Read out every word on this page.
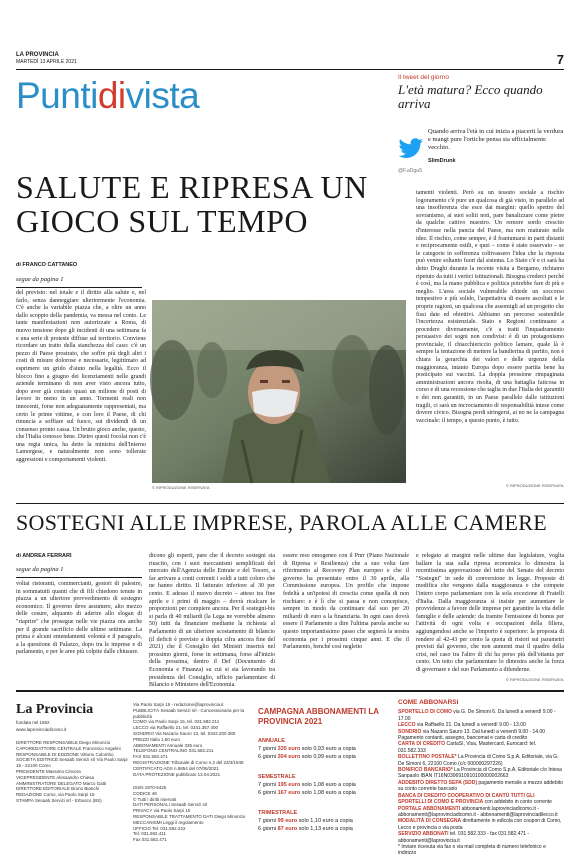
LA PROVINCIA
MARTEDÌ 13 APRILE 2021	7
Puntidivista	Il tweet del giorno
L'età matura? Ecco quando arriva
Quando arriva l'età in cui inizia a piacerti la verdura e mangi pure l'ortiche pensa sia ufficialmente vecchio.
SlimDrunk
@F.aDgaS
SALUTE E RIPRESA UN GIOCO SUL TEMPO
di FRANCO CATTANEO
segue da pagina 1
© RIPRODUZIONE RISERVATA
del previsto: nel totale e il diritto alla salute e, nel farlo, senza danneggiare ulteriormente l'economia. C'è anche la variabile piazza che, a oltre un anno dallo scoppio della pandemia, va messa nel conto. Le tante manifestazioni non autorizzate a Roma, di nuovo tensione dopo gli incidenti di una settimana fa e una serie di proteste diffuse sul territorio. Conviene ricordare un tratto della stanchezza del caso: c'è un pezzo di Paese prostrato, che soffre più degli altri i costi di misure dolorose e necessarie, legittimato ad esprimere un grido d'aiuto nella legalità. Ecco il blocco fino a giugno dei licenziamenti nelle grandi aziende terminano di non aver visto ancora tutto, dopo aver già contato quasi un milione di posti di lavoro in meno in un anno. Tormenti reali non innocenti, forse non adeguatamente rappresentati, ma certo le prime vittime, e con loro il Paese, di chi rinuncia a soffiare sul fuoco, sui dividendi di un consenso pronto cassa. Un brutto gioco anche, questo, che l'Italia conosce bene. Dietro questi focolai non c'è una regia unica, ha detto la ministra dell'Interno Lamorgese, e naturalmente non sono tollerate aggressioni e comportamenti violenti.
tamenti violenti. Però su un tessuto sociale a rischio logoramento c'è pure un qualcosa di già visto, in parallelo ad una insofferenza che esce dai margini: quello spettro del sovranismo, ai suoi soliti noti, pare banalizzare come pietre da qualche cattivo maestro. Un remore sordo crescito d'interesse nella pancia del Paese, ma non maturato nelle idee. Il rischio, come sempre, è il frantumarsi in parti distanti e reciprocamente ostili, e quei – come è stato osservato – se le categorie in sofferenza coltivassero l'idea che la risposta può venire soltanto fuori dal sistema. Lo Stato c'è e ci sarà ha detto Draghi durante la recente visita a Bergamo, richiamo ripetuto da tutti i vertici istituzionali. Bisogna crederci perché è così, ma la mano pubblica e politica potrebbe fare di più e meglio. L'area sociale vulnerabile chiede un soccorso tempestivo e più solido, l'aspettativa di essere ascoltati e le proprie ragioni, un qualcosa che assomigli ad un progetto che fissi date ed obiettivi. Abbiamo un percorso sostenibile l'incertezza esistenziale. Stato e Regioni continuano a procedere diversamente, c'è a tratti l'inquadramento persuasivo dei sogni non condivisi: è di un protagonismo provinciale, il chiacchiericcio politico lamare, quale là è sempre la tentazione di mettere la bandierina di partito, non è chiara la gerarchia dei valori e delle urgenze della maggioranza, intanto Europa dopo essere partita bene ha posticipato sui vaccini. La doppia pressione rimpaginata amministrazioni ancora risolta, di una battaglia faticosa in corso e di una recessione che taglia in due l'Italia dei garantiti e dei non garantiti, in un Paese parallelo dalle istituzioni tragili, ci sarà un incrociamento di responsabilità intese come dovere civico. Bisogna perdi stringersi, ai no ne la campagna vaccinale: il tempo, a questo punto, è tutto.
© RIPRODUZIONE RISERVATA
SOSTEGNI ALLE IMPRESE, PAROLA ALLE CAMERE
di ANDREA FERRARI
segue da pagina 1
voltai ristoranti, commercianti, gestori di palestre, in sommatutti quanti che di fili chiedono tenute in piazza a un ulteriore provvedimento di sostegno economico. Il governo deve assumere, alto mezzo delle cesure, alquanto di aderire allo slogan di "riaprire" che prosegue nelle vie piazza ora anche per il grande sacrificio delle ultime settimane. La prima è alcuni emendamenti volontà e il paragrafo, a la questione di Palazzo, dopo tra le imprese e di parlamento, e per le aree più colpite dalle chiusure.
dicono gli esperti, pare che il decreto sostegni sia riuscito, con i suoi meccanismi semplificati del mercato dell'Agenzia delle Entrate e del Tesoro, a far arrivare a conti correnti i soldi a tutti coloro che ne hanno diritto. Il fatturato inferiore al 30 per cento. E adesso il nuovo decreto – atteso tra fine aprile e i primi di maggio – dovrà ricalcare le proporzioni per compiere ancora. Per il sostegni-bis si parla di 40 miliardi (la Lega ne vorrebbe almeno 50) tutti da finanziare mediante la richiesta al Parlamento di un ulteriore scostamento di bilancio (il deficit è previsto a doppia cifra ancora fine del 2021) che il Consiglio dei Ministri inserirà nel prossimo giorni, forse in settimana, forse all'inizio della prossima, dentro il Def (Documento di Economia e Finanza) su cui si sta lavorando tra presidenza del Consiglio, ufficio parlamentare di Bilancio e Ministero dell'Economia.
essere reso omogeneo con il Pnrr (Piano Nazionale di Ripresa e Resilienza) che a suo volta fare riferimento al Recovery Plan europeo e che il governo ha presentato entro il 30 aprile, alla Commissione europea. Un profilo che impone fedeltà a un'ipotesi di crescita come quella di non rischiare: e è lì che si passa e non concepisce, sempre in modo da continuare dal suo per 20 miliardi di euro a la finanziaria. In ogni caso dovrà essere il Parlamento a dire l'ultima parola anche su questo importantissimo passo che segnerà la nostra economia per i prossimi cinque anni. E che il Parlamento, benché così negletto
e relegato ai margini nelle ultime due legislature, voglia ballare la sua sulla ripresa economica lo dimostra la recentissima approvazione del tetto del Senato del decreto "Sostegni" in sede di conversione in legge. Proposte di modifica che vengono dalla maggioranza e che compete l'intero corpo parlamentare con la sola eccezione di Fratelli d'Italia. Dalla maggioranza si insiste per aumentare le provvidenze a favore delle imprese per garantire la vita delle famiglie e delle aziende: da tramite l'emissione di bonus per l'attività di ogni volta e occupazioni della filiera, aggiungendosi anche se l'importo è superiore: la proposta di rendere al 42-43 per cento la quota di ristori sui parametri previsti dal governo, che non aumenti mai il quadro della crisi, nel caso tra l'altro di chi ha perso più dell'ottanta per cento. Un tetto che parlamentare lo dimostra anche la forza di governare e del suo Parlamento a difenderne.
© RIPRODUZIONE RISERVATA
La Provincia
fondata nel 1892
www.laprovinciadicomo.it
DIRETTORE RESPONSABILE Diego Minonzio
CAPOREDATTORE CENTRALE Francesco Angelini
RESPONSABILE DI EDIZIONE Vittorio Colombo
SOCIETÀ EDITRICE Sesaab Servizi srl Via Paolo Sarpi 15 - 22100 Como
PRESIDENTE Massimo Cincera
VICEPRESIDENTE Alessandro Chiesa
AMMINISTRATORE DELEGATO Marco Gatti
DIRETTORE EDITORIALE Bruno Bianchi
REDAZIONE Como, via Paolo Sarpi 15
STAMPA Sesaab Servizi srl - Erbusco (BS)
Via Paolo Sarpi 15 - redazione@laprovincia.it
PUBBLICITÀ Sesaab Servizi srl - Concessionaria per la pubblicità
COMO via Paolo Sarpi 15, tel. 031.582.211
LECCO via Raffaello 21, tel. 0341.357.400
SONDRIO Via Nazario Sauro 13, tel. 0342.200.380
PREZZI Italia 1,50 euro
ABBONAMENTI Annuale 335 euro
TELEFONO CENTRALINO 031.582.211
FAX 031.582.471
REGISTRAZIONE Tribunale di Como n.2 del 23/3/1948
CERTIFICATO ADS n.8854 del 07/06/2021
DATA PROTEZIONE pubblicato 13.04.2021
ISSN 1970-5425
CODICE 48
© Tutti i diritti riservati
DATI PERSONALI Sesaab Servizi srl
PRIVACY via Paolo Sarpi 15
RESPONSABILE TRATTAMENTO DATI Diego Minonzio
MECCANISMI Leggi il regolamento
UFFICIO Tel. 031.582.222
Tel. 031.582.411
Fax 031.582.471
CAMPAGNA ABBONAMENTI LA PROVINCIA 2021
ANNUALE
7 giorni 335 euro solo 0,93 euro a copia
6 giorni 304 euro solo 0,99 euro a copia
SEMESTRALE
7 giorni 195 euro solo 1,08 euro a copia
6 giorni 167 euro solo 1,08 euro a copia
TRIMESTRALE
7 giorni 99 euro solo 1,10 euro a copia
6 giorni 87 euro solo 1,13 euro a copia
COME ABBONARSI
SPORTELLO DI COMO via G. De Simoni 6. Da lunedì a venerdì 9.00 - 17.00
LECCO via Raffaello 21. Da lunedì a venerdì 9.00 - 13.00
SONDRIO via Nazario Sauro 13. Dal lunedì a venerdì 9.00 - 14.00
Pagamento contanti, assegno, bancomat e carta di credito
CARTA DI CREDITO CartaSì, Visa, Mastercard, Eurocard: tel. 031.582.333
BOLLETTINO POSTALE* La Provincia di Como S.p.A. Editoriale, via G. De Simoni 6, 22100 Como (c/c 000000297226)
BONIFICO BANCARIO* La Provincia di Como S.p.A. Editoriale c/o Intesa Sanpaolo IBAN IT16N0306910910100000002663
ADDEBITO DIRETTO SEPA (SDD) pagamento mensile a mezzo addebito su conto corrente bancario
BANCA DI CREDITO COOPERATIVO DI CANTÙ TUTTI GLI SPORTELLI DI COMO E PROVINCIA con addebito in conto corrente
PORTALE ABBONAMENTI abbonamenti.laprovinciadicomo.it - abbonamenti@laprovinciadicomo.it - abbonamenti@laprovinciadilecco.it
MODALITÀ DI CONSEGNA direttamente in edicola con coupon di Como, Lecco e provincia o via posta
SERVIZIO ABBONATI tel. 031.582.333 - fax 031.582.471 - abbonamenti@laprovincia.it
* Inviare ricevuta via fax o via mail completa di numero telefonico e indirizzo
